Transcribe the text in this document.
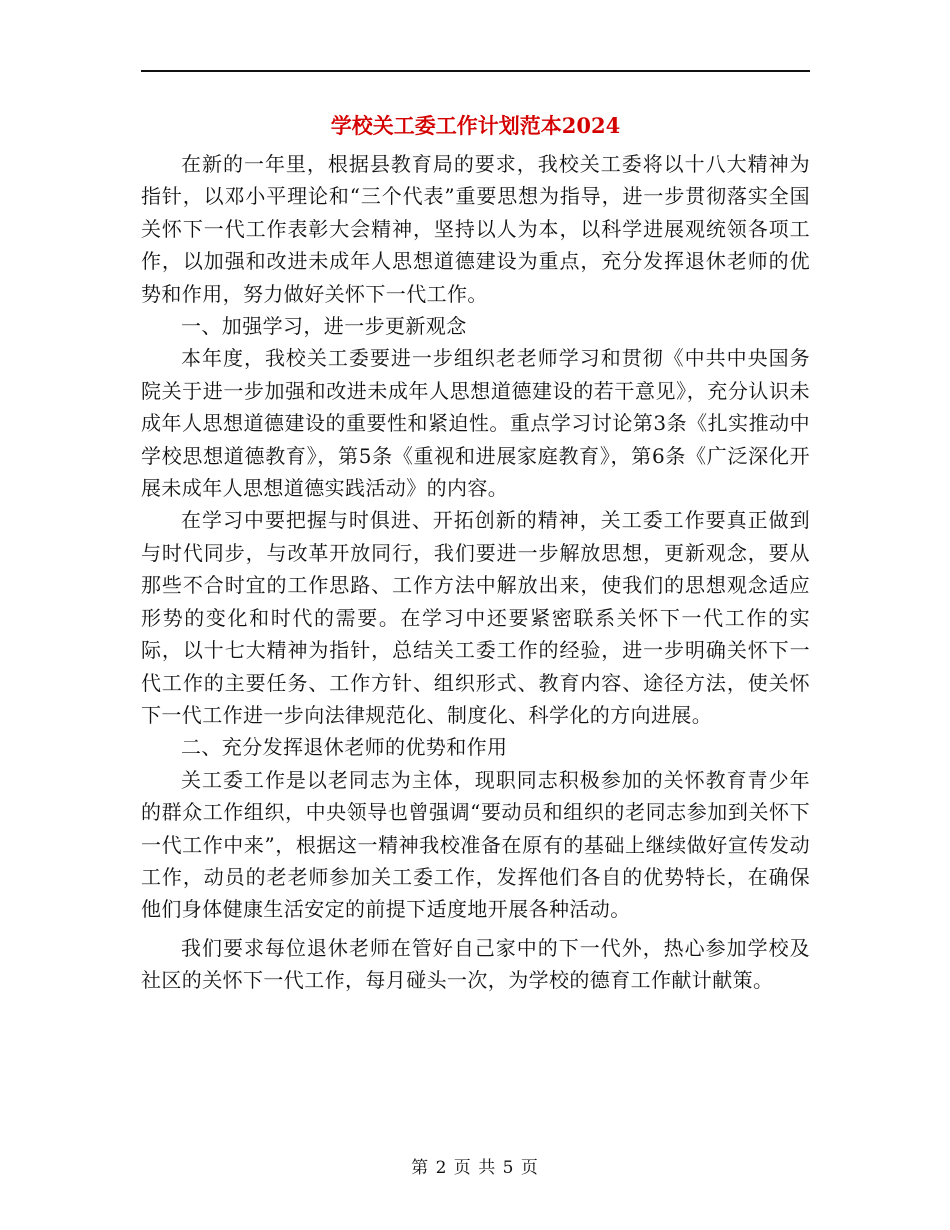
学校关工委工作计划范本2024

在新的一年里，根据县教育局的要求，我校关工委将以十八大精神为指针，以邓小平理论和“三个代表”重要思想为指导，进一步贯彻落实全国关怀下一代工作表彰大会精神，坚持以人为本，以科学进展观统领各项工作，以加强和改进未成年人思想道德建设为重点，充分发挥退休老师的优势和作用，努力做好关怀下一代工作。

一、加强学习，进一步更新观念

本年度，我校关工委要进一步组织老老师学习和贯彻《中共中央国务院关于进一步加强和改进未成年人思想道德建设的若干意见》，充分认识未成年人思想道德建设的重要性和紧迫性。重点学习讨论第3条《扎实推动中学校思想道德教育》，第5条《重视和进展家庭教育》，第6条《广泛深化开展未成年人思想道德实践活动》的内容。

在学习中要把握与时俱进、开拓创新的精神，关工委工作要真正做到与时代同步，与改革开放同行，我们要进一步解放思想，更新观念，要从那些不合时宜的工作思路、工作方法中解放出来，使我们的思想观念适应形势的变化和时代的需要。在学习中还要紧密联系关怀下一代工作的实际，以十七大精神为指针，总结关工委工作的经验，进一步明确关怀下一代工作的主要任务、工作方针、组织形式、教育内容、途径方法，使关怀下一代工作进一步向法律规范化、制度化、科学化的方向进展。

二、充分发挥退休老师的优势和作用

关工委工作是以老同志为主体，现职同志积极参加的关怀教育青少年的群众工作组织，中央领导也曾强调“要动员和组织的老同志参加到关怀下一代工作中来”，根据这一精神我校准备在原有的基础上继续做好宣传发动工作，动员的老老师参加关工委工作，发挥他们各自的优势特长，在确保他们身体健康生活安定的前提下适度地开展各种活动。

我们要求每位退休老师在管好自己家中的下一代外，热心参加学校及社区的关怀下一代工作，每月碰头一次，为学校的德育工作献计献策。

第 2 页 共 5 页
